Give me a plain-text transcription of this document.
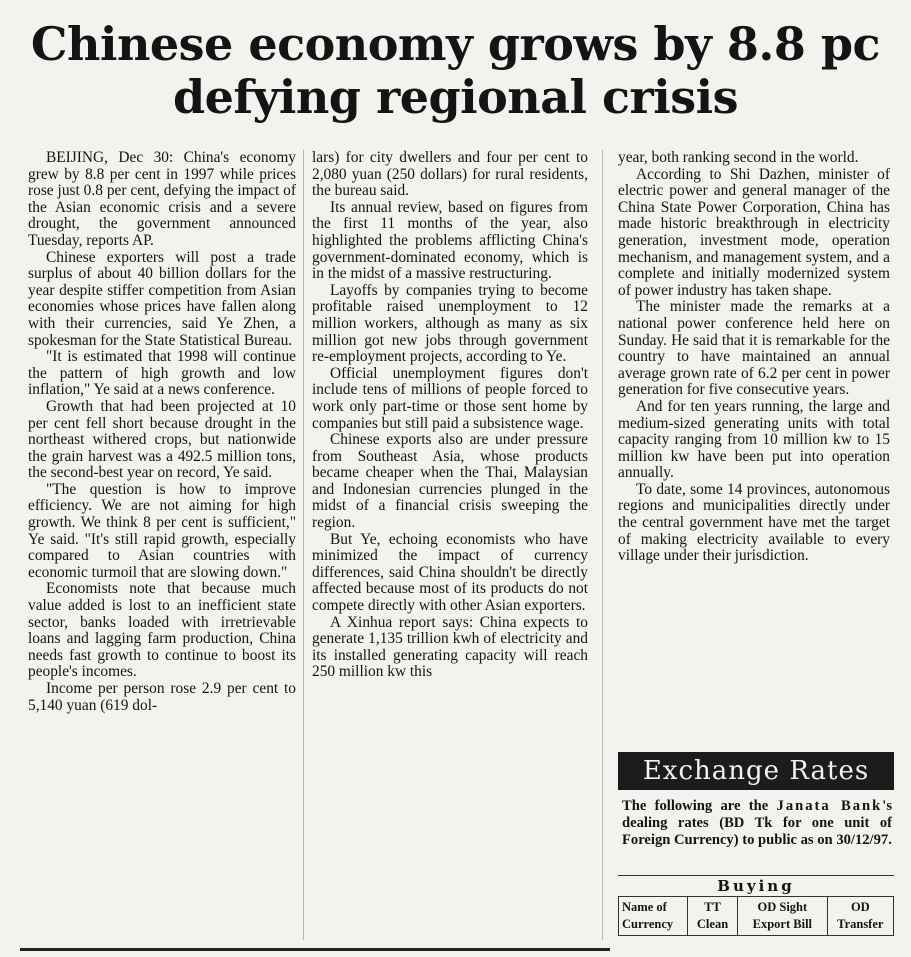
Chinese economy grows by 8.8 pc defying regional crisis

BEIJING, Dec 30: China's economy grew by 8.8 per cent in 1997 while prices rose just 0.8 per cent, defying the impact of the Asian economic crisis and a severe drought, the government announced Tuesday, reports AP.

Chinese exporters will post a trade surplus of about 40 billion dollars for the year despite stiffer competition from Asian economies whose prices have fallen along with their currencies, said Ye Zhen, a spokesman for the State Statistical Bureau.

"It is estimated that 1998 will continue the pattern of high growth and low inflation," Ye said at a news conference.

Growth that had been projected at 10 per cent fell short because drought in the northeast withered crops, but nationwide the grain harvest was a 492.5 million tons, the second-best year on record, Ye said.

"The question is how to improve efficiency. We are not aiming for high growth. We think 8 per cent is sufficient," Ye said. "It's still rapid growth, especially compared to Asian countries with economic turmoil that are slowing down."

Economists note that because much value added is lost to an inefficient state sector, banks loaded with irretrievable loans and lagging farm production, China needs fast growth to continue to boost its people's incomes.

Income per person rose 2.9 per cent to 5,140 yuan (619 dol-

lars) for city dwellers and four per cent to 2,080 yuan (250 dollars) for rural residents, the bureau said.

Its annual review, based on figures from the first 11 months of the year, also highlighted the problems afflicting China's government-dominated economy, which is in the midst of a massive restructuring.

Layoffs by companies trying to become profitable raised unemployment to 12 million workers, although as many as six million got new jobs through government re-employment projects, according to Ye.

Official unemployment figures don't include tens of millions of people forced to work only part-time or those sent home by companies but still paid a subsistence wage.

Chinese exports also are under pressure from Southeast Asia, whose products became cheaper when the Thai, Malaysian and Indonesian currencies plunged in the midst of a financial crisis sweeping the region.

But Ye, echoing economists who have minimized the impact of currency differences, said China shouldn't be directly affected because most of its products do not compete directly with other Asian exporters.

A Xinhua report says: China expects to generate 1,135 trillion kwh of electricity and its installed generating capacity will reach 250 million kw this

year, both ranking second in the world.

According to Shi Dazhen, minister of electric power and general manager of the China State Power Corporation, China has made historic breakthrough in electricity generation, investment mode, operation mechanism, and management system, and a complete and initially modernized system of power industry has taken shape.

The minister made the remarks at a national power conference held here on Sunday. He said that it is remarkable for the country to have maintained an annual average grown rate of 6.2 per cent in power generation for five consecutive years.

And for ten years running, the large and medium-sized generating units with total capacity ranging from 10 million kw to 15 million kw have been put into operation annually.

To date, some 14 provinces, autonomous regions and municipalities directly under the central government have met the target of making electricity available to every village under their jurisdiction.

Exchange Rates
The following are the Janata Bank's dealing rates (BD Tk for one unit of Foreign Currency) to public as on 30/12/97.
Buying
Name of Currency	TT Clean	OD Sight Export Bill	OD Transfer
